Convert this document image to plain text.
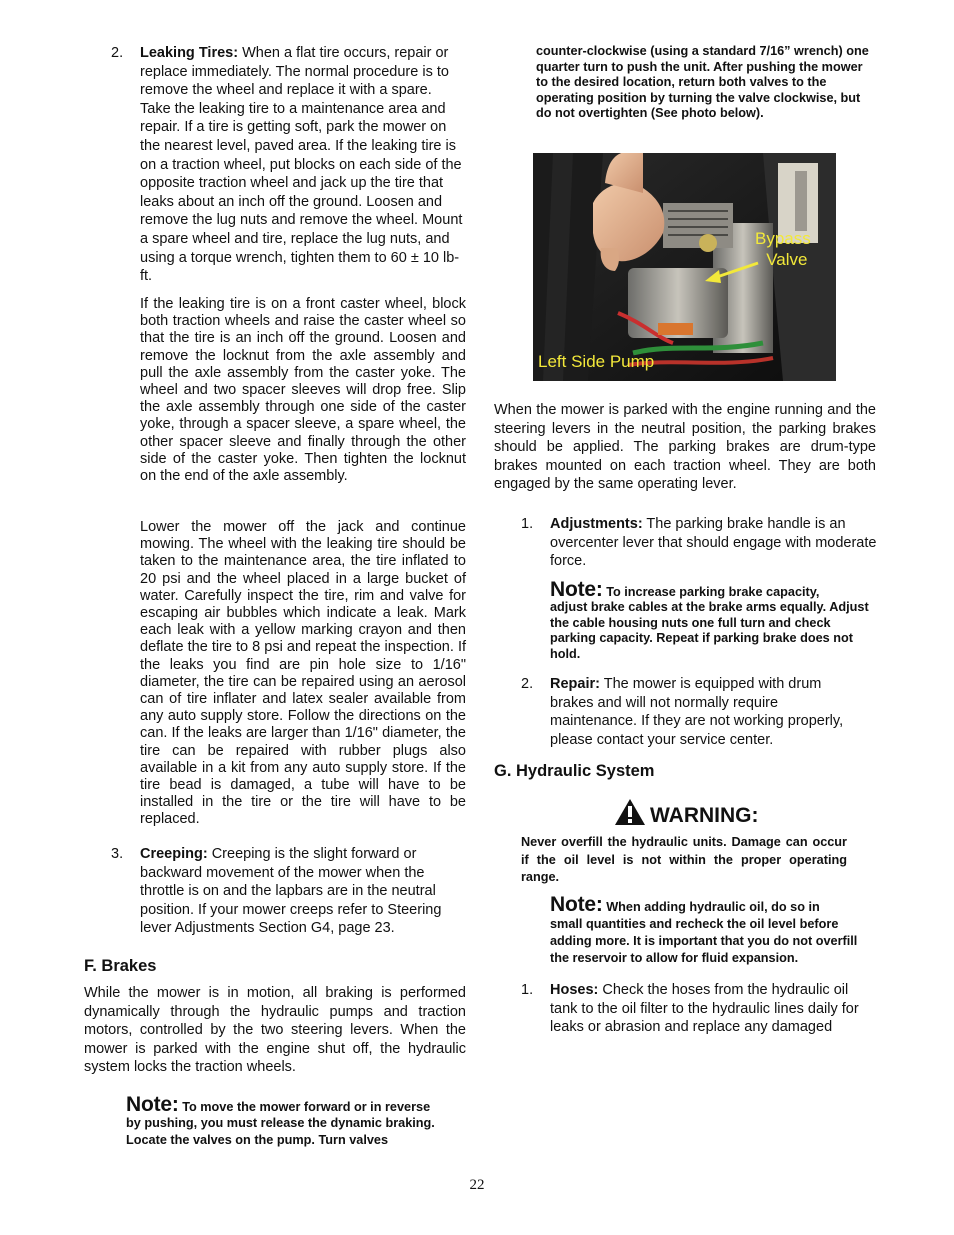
2. Leaking Tires: When a flat tire occurs, repair or replace immediately. The normal procedure is to remove the wheel and replace it with a spare. Take the leaking tire to a maintenance area and repair. If a tire is getting soft, park the mower on the nearest level, paved area. If the leaking tire is on a traction wheel, put blocks on each side of the opposite traction wheel and jack up the tire that leaks about an inch off the ground. Loosen and remove the lug nuts and remove the wheel. Mount a spare wheel and tire, replace the lug nuts, and using a torque wrench, tighten them to 60 ± 10 lb-ft.
If the leaking tire is on a front caster wheel, block both traction wheels and raise the caster wheel so that the tire is an inch off the ground. Loosen and remove the locknut from the axle assembly and pull the axle assembly from the caster yoke. The wheel and two spacer sleeves will drop free. Slip the axle assembly through one side of the caster yoke, through a spacer sleeve, a spare wheel, the other spacer sleeve and finally through the other side of the caster yoke. Then tighten the locknut on the end of the axle assembly.
Lower the mower off the jack and continue mowing. The wheel with the leaking tire should be taken to the maintenance area, the tire inflated to 20 psi and the wheel placed in a large bucket of water. Carefully inspect the tire, rim and valve for escaping air bubbles which indicate a leak. Mark each leak with a yellow marking crayon and then deflate the tire to 8 psi and repeat the inspection. If the leaks you find are pin hole size to 1/16" diameter, the tire can be repaired using an aerosol can of tire inflater and latex sealer available from any auto supply store. Follow the directions on the can. If the leaks are larger than 1/16" diameter, the tire can be repaired with rubber plugs also available in a kit from any auto supply store. If the tire bead is damaged, a tube will have to be installed in the tire or the tire will have to be replaced.
3. Creeping: Creeping is the slight forward or backward movement of the mower when the throttle is on and the lapbars are in the neutral position. If your mower creeps refer to Steering lever Adjustments Section G4, page 23.
F. Brakes
While the mower is in motion, all braking is performed dynamically through the hydraulic pumps and traction motors, controlled by the two steering levers. When the mower is parked with the engine shut off, the hydraulic system locks the traction wheels.
Note: To move the mower forward or in reverse
by pushing, you must release the dynamic braking. Locate the valves on the pump. Turn valves
counter-clockwise (using a standard 7/16” wrench) one quarter turn to push the unit. After pushing the mower to the desired location, return both valves to the operating position by turning the valve clockwise, but do not overtighten (See photo below).
Bypass
Valve
Left Side Pump
When the mower is parked with the engine running and the steering levers in the neutral position, the parking brakes should be applied. The parking brakes are drum-type brakes mounted on each traction wheel. They are both engaged by the same operating lever.
1. Adjustments: The parking brake handle is an overcenter lever that should engage with moderate force.
Note: To increase parking brake capacity,
adjust brake cables at the brake arms equally. Adjust the cable housing nuts one full turn and check parking capacity. Repeat if parking brake does not hold.
2. Repair: The mower is equipped with drum brakes and will not normally require maintenance. If they are not working properly, please contact your service center.
G. Hydraulic System
WARNING:
Never overfill the hydraulic units. Damage can occur if the oil level is not within the proper operating range.
Note: When adding hydraulic oil, do so in
small quantities and recheck the oil level before adding more. It is important that you do not overfill the reservoir to allow for fluid expansion.
1. Hoses: Check the hoses from the hydraulic oil tank to the oil filter to the hydraulic lines daily for leaks or abrasion and replace any damaged
22
